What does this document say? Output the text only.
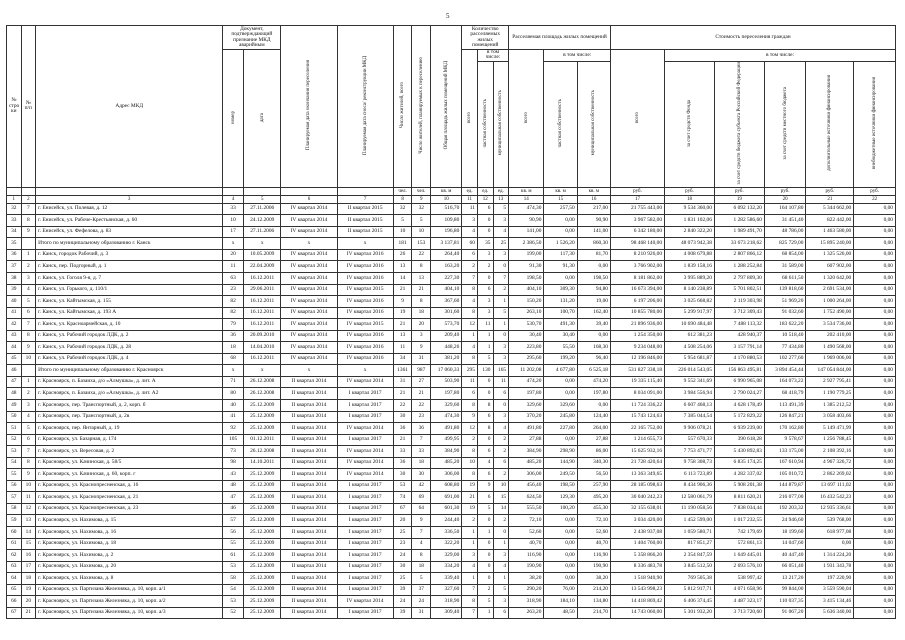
5
№ стро ки	№ п/п	Адрес МКД	Документ, подтверждающий признание МКД аварийным		Планируемая дата окончания переселения	Планируемая дата сноса/ реконструкции МКД	Число жителей, всего	Число жителей, планируемых к переселению	Общая площадь жилых помещений МКД	Количество расселяемых жилых помещений			Расселяемая площадь жилых помещений			Стоимость переселения граждан					
			номер	дата						всего	в том числе:		всего	в том числе:		всего	в том числе:				
											частная собственность	муниципальная собственность		частная собственность	муниципальная собственность		за счет средств Фонда	за счет средств бюджета субъекта Российской Федерации	за счет средств местного бюджета	дополнительные источники финансирования	внебюджетные источники финансирования
							чел.	чел.	кв. м	ед.	ед.	ед.	кв. м	кв. м	кв. м	руб.	руб.	руб.	руб.	руб.	руб.
1	2	3	4	5	6	7	8	9	10	11	12	13	14	15	16	17	18	19	20	21	22
32	7	г. Енисейск, ул. Полевая, д. 12	33	27.11.2006	IV квартал 2014	II квартал 2015	32	32	516,70	11	6	5	474,30	257,50	217,00	21 755 443,00	9 534 360,00	6 092 132,20	164 107,80	5 344 662,00	0,00
33	8	г. Енисейск, ул. Рабоче-Крестьянская, д. 60	10	24.12.2009	IV квартал 2014	II квартал 2015	5	5	109,80	3	0	3	90,90	0,00	90,90	3 967 582,00	1 831 102,06	1 282 586,60	31 451,40	822 442,00	0,00
34	9	г. Енисейск, ул. Фефелова, д. 83	17	27.11.2006	IV квартал 2014	II квартал 2015	10	10	196,80	4	0	4	141,00	0,00	141,00	6 342 180,00	2 840 322,20	1 989 491,70	48 786,00	1 463 580,00	0,00
35		Итого по муниципальному образованию г. Канск	x	x	x	x	181	153	3 137,81	60	35	25	2 386,50	1 526,20	860,30	98 468 140,00	48 073 942,38	33 673 218,62	825 729,00	15 895 240,00	0,00
36	1	г. Канск, городок Рабочий, д. 3	20	10.05.2009	IV квартал 2014	IV квартал 2016	26	22	264,40	6	3	3	199,00	117,30	81,70	8 210 926,00	4 008 679,88	2 807 866,12	68 854,00	1 325 526,00	0,00
37	2	г. Канск, пер. Подгорный, д. 1	11	22.04.2009	IV квартал 2014	IV квартал 2016	13	8	163,20	2	2	0	91,30	91,30	0,00	3 766 902,00	1 839 158,16	1 288 252,84	31 589,00	607 902,00	0,00
38	3	г. Канск, ул. Гоголя 9-я, д. 7	63	16.12.2011	IV квартал 2014	IV квартал 2016	14	13	227,30	7	0	7	198,50	0,00	198,50	8 181 862,00	3 995 889,20	2 797 809,30	68 611,50	1 320 642,00	0,00
39	4	г. Канск, ул. Горького, д. 110/1	23	29.06.2011	IV квартал 2014	IV квартал 2015	21	21	404,10	8	6	2	404,10	309,30	94,80	16 673 394,00	8 140 238,89	5 701 802,51	139 818,60	2 691 534,00	0,00
40	5	г. Канск, ул. Кайтымская, д. 155	82	16.12.2011	IV квартал 2014	IV квартал 2016	9	8	367,60	4	3	1	150,20	131,20	19,00	6 197 206,00	3 025 668,82	2 119 303,98	51 969,20	1 000 264,00	0,00
41	6	г. Канск, ул. Кайтымская, д. 193 А	82	16.12.2011	IV квартал 2014	IV квартал 2016	19	18	301,60	8	3	5	263,10	100,70	162,40	10 855 780,00	5 299 917,97	3 712 309,43	91 032,60	1 752 490,00	0,00
42	7	г. Канск, ул. Красноармейская, д. 10	79	16.12.2011	IV квартал 2014	IV квартал 2015	21	20	573,70	12	11	1	530,70	491,30	39,40	21 896 936,00	10 690 484,48	7 488 113,32	183 622,20	3 534 736,00	0,00
43	8	г. Канск, ул. Рабочий городок ЛДК, д. 2	36	20.09.2010	IV квартал 2014	IV квартал 2016	13	3	209,40	1	1	0	30,40	30,40	0,00	1 254 350,00	612 381,23	428 940,37	10 518,40	202 410,00	0,00
44	9	г. Канск, ул. Рабочий городок ЛДК, д. 28	18	14.04.2010	IV квартал 2014	IV квартал 2016	11	9	448,26	4	1	3	223,80	55,50	168,30	9 234 048,00	4 508 254,06	3 157 791,14	77 434,80	1 490 568,00	0,00
45	10	г. Канск, ул. Рабочий городок ЛДК, д. 4	68	16.12.2011	IV квартал 2014	IV квартал 2016	34	31	381,20	8	5	3	295,60	199,20	96,40	12 196 846,00	5 954 681,87	4 170 880,53	102 277,60	1 969 006,00	0,00
46		Итого по муниципальному образованию г. Красноярск	x	x	x	x	1361	987	17 060,33	295	130	165	11 202,08	4 677,80	6 525,18	531 827 338,18	226 014 543,05	156 863 495,81	3 894 454,44	147 054 844,00	0,00
47	1	г. Красноярск, п. Базаиха, д/о «Алмушка», д. лит. А	71	26.12.2008	II квартал 2014	IV квартал 2014	31	27	503,90	11	0	11	474,20	0,00	474,20	19 335 115,40	9 552 341,69	6 990 965,08	164 073,22	2 927 795,41	0,00
48	2	г. Красноярск, п. Базаиха, д/о «Алмушка», д. лит. А2	80	26.12.2008	II квартал 2014	I квартал 2017	21	21	197,80	6	0	6	197,80	0,00	197,80	8 034 091,00	3 984 556,94	2 790 024,27	68 418,79	1 190 779,25	0,00
49	3	г. Красноярск, пер. Транспортный, д. 2, корп. б	40	25.12.2009	II квартал 2014	I квартал 2017	22	22	329,60	8	8	0	329,60	329,60	0,00	11 724 336,22	6 607 468,13	4 628 178,49	113 491,39	1 385 212,52	0,00
50	4	г. Красноярск, пер. Транспортный, д. 2в	41	25.12.2009	II квартал 2014	I квартал 2017	30	23	474,30	9	6	3	370,20	245,80	124,40	15 743 124,63	7 385 044,54	5 172 829,22	126 847,21	3 058 403,66	0,00
51	5	г. Красноярск, пер. Янтарный, д. 19	92	25.12.2009	II квартал 2014	IV квартал 2014	36	36	491,80	12	8	4	491,80	227,80	264,00	22 165 752,00	9 906 078,21	6 939 239,00	170 162,80	5 149 471,99	0,00
52	6	г. Красноярск, ул. Базарная, д. 174	105	01.12.2011	II квартал 2014	I квартал 2017	21	7	499,95	2	0	2	27,88	0,00	27,88	1 214 655,73	557 670,33	390 618,28	9 578,67	1 256 788,45	0,00
53	7	г. Красноярск, ул. Вересовая, д. 2	73	26.12.2008	II квартал 2014	IV квартал 2014	33	33	384,90	8	6	2	384,90	298,90	86,00	15 625 932,16	7 753 471,77	5 430 892,83	133 175,00	2 108 392,16	0,00
54	8	г. Красноярск, ул. Качинская, д. 58/5	98	14.10.2011	II квартал 2014	IV квартал 2014	36	18	485,20	10	4	6	485,20	144,90	340,30	21 728 420,64	9 758 308,73	6 835 174,25	167 610,94	4 967 326,72	0,00
55	9	г. Красноярск, ул. Качинская, д. 60, корп. г	43	25.12.2009	II квартал 2014	IV квартал 2014	30	30	306,00	8	6	2	306,00	249,50	56,50	13 363 349,65	6 113 723,89	4 282 337,02	105 010,72	2 862 269,02	0,00
56	10	г. Красноярск, ул. Краснопресненская, д. 16	48	25.12.2009	II квартал 2014	I квартал 2017	53	42	608,80	19	9	10	456,40	198,50	257,90	28 185 098,63	8 434 906,36	5 908 201,38	144 879,87	13 697 111,02	0,00
57	11	г. Красноярск, ул. Краснопресненская, д. 21	47	25.12.2009	II квартал 2014	I квартал 2017	74	69	691,00	21	6	15	624,50	129,30	495,20	30 040 242,23	12 580 061,79	8 811 620,21	216 077,00	16 432 542,23	0,00
58	12	г. Красноярск, ул. Краснопресненская, д. 23	46	25.12.2009	II квартал 2014	I квартал 2017	67	64	601,30	19	5	14	555,50	100,20	455,30	32 155 638,01	11 190 058,56	7 838 034,44	192 203,32	12 935 336,61	0,00
59	13	г. Красноярск, ул. Нахимова, д. 15	57	25.12.2009	II квартал 2014	I квартал 2017	20	9	244,40	2	0	2	72,10	0,00	72,10	3 034 420,00	1 452 599,00	1 017 232,55	24 946,60	539 768,00	0,00
60	14	г. Красноярск, ул. Нахимова, д. 16	56	25.12.2009	II квартал 2014	I квартал 2017	25	7	336,50	1	1	0	52,60	0,00	52,60	2 438 937,08	1 059 580,71	742 179,69	18 199,60	618 977,08	0,00
61	15	г. Красноярск, ул. Нахимова, д. 18	55	25.12.2009	II квартал 2014	I квартал 2017	23	4	322,20	1	0	1	40,70	0,00	40,70	1 404 760,00	817 851,27	572 861,13	14 047,60	0,00	0,00
62	16	г. Красноярск, ул. Нахимова, д. 2	61	25.12.2009	II квартал 2014	I квартал 2017	24	8	329,00	3	0	3	116,90	0,00	116,90	5 358 866,20	2 354 847,59	1 649 445,01	40 447,40	1 314 224,20	0,00
63	17	г. Красноярск, ул. Нахимова, д. 20	53	25.12.2009	II квартал 2014	I квартал 2017	30	18	334,20	4	0	4	190,90	0,00	190,90	8 336 483,78	3 845 512,50	2 693 576,10	66 051,40	1 931 343,78	0,00
64	18	г. Красноярск, ул. Нахимова, д. 8	58	25.12.2009	II квартал 2014	I квартал 2017	25	5	339,40	1	0	1	38,20	0,00	38,20	1 518 940,90	769 505,38	538 997,42	13 217,20	197 220,90	0,00
65	19	г. Красноярск, ул. Партизана Железняка, д. 10, корп. а/1	54	25.12.2009	II квартал 2014	I квартал 2017	39	37	327,60	7	2	5	290,20	76,00	214,20	13 543 998,23	5 812 917,71	4 071 658,96	99 844,00	3 559 590,04	0,00
66	20	г. Красноярск, ул. Партизана Железняка, д. 10, корп. а/2	53	25.12.2009	II квартал 2014	IV квартал 2014	24	24	318,90	8	5	3	318,90	184,10	134,80	14 418 869,42	6 406 374,45	4 487 323,17	110 037,35	3 415 134,46	0,00
67	21	г. Красноярск, ул. Партизана Железняка, д. 10, корп. а/3	52	25.12.2009	II квартал 2014	I квартал 2017	39	31	309,40	7	1	6	263,20	48,50	214,70	14 743 060,00	5 301 932,20	3 713 720,60	91 067,20	5 636 340,00	0,00
